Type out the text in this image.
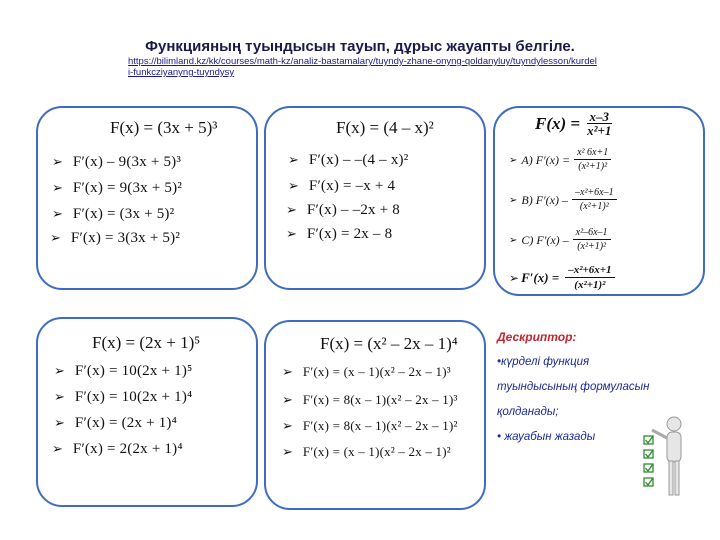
Функцияның туындысын тауып, дұрыс жауапты белгіле.
https://bilimland.kz/kk/courses/math-kz/analiz-bastamalary/tuyndy-zhane-onyng-qoldanyluy/tuyndylesson/kurdeli-funkcziyanyng-tuyndysy
F(x) = (3x + 5)³
➢ F′(x) – 9(3x + 5)³
➢ F′(x) = 9(3x + 5)²
➢ F′(x) = (3x + 5)²
➢ F′(x) = 3(3x + 5)²
F(x) = (4 – x)²
➢ F′(x) – –(4 – x)²
➢ F′(x) = –x + 4
➢ F′(x) – –2x + 8
➢ F′(x) = 2x – 8
$F(x) = \frac{x-3}{\text{x²+1}}$
➢ A) $F'(x) = \frac{\text{x² 6x+1}}{\text{(x²+1)²}}$
➢ B) $F'(x) - \frac{\text{–x²+6x–1}}{\text{(x²+1)²}}$
➢ C) $F'(x) - \frac{\text{x²–6x–1}}{\text{(x²+1)²}}$
➢ $F'(x) = \frac{\text{–x²+6x+1}}{\text{(x²+1)²}}$
F(x) = (2x + 1)⁵
➢ F′(x) = 10(2x + 1)⁵
➢ F′(x) = 10(2x + 1)⁴
➢ F′(x) = (2x + 1)⁴
➢ F′(x) = 2(2x + 1)⁴
F(x) = (x² – 2x – 1)⁴
➢ F′(x) = (x – 1)(x² – 2x – 1)³
➢ F′(x) = 8(x – 1)(x² – 2x – 1)³
➢ F′(x) = 8(x – 1)(x² – 2x – 1)²
➢ F′(x) = (x – 1)(x² – 2x – 1)²
Дескриптор:
•күрделі функция
туындысының формуласын
қолданады;
• жауабын жазады
